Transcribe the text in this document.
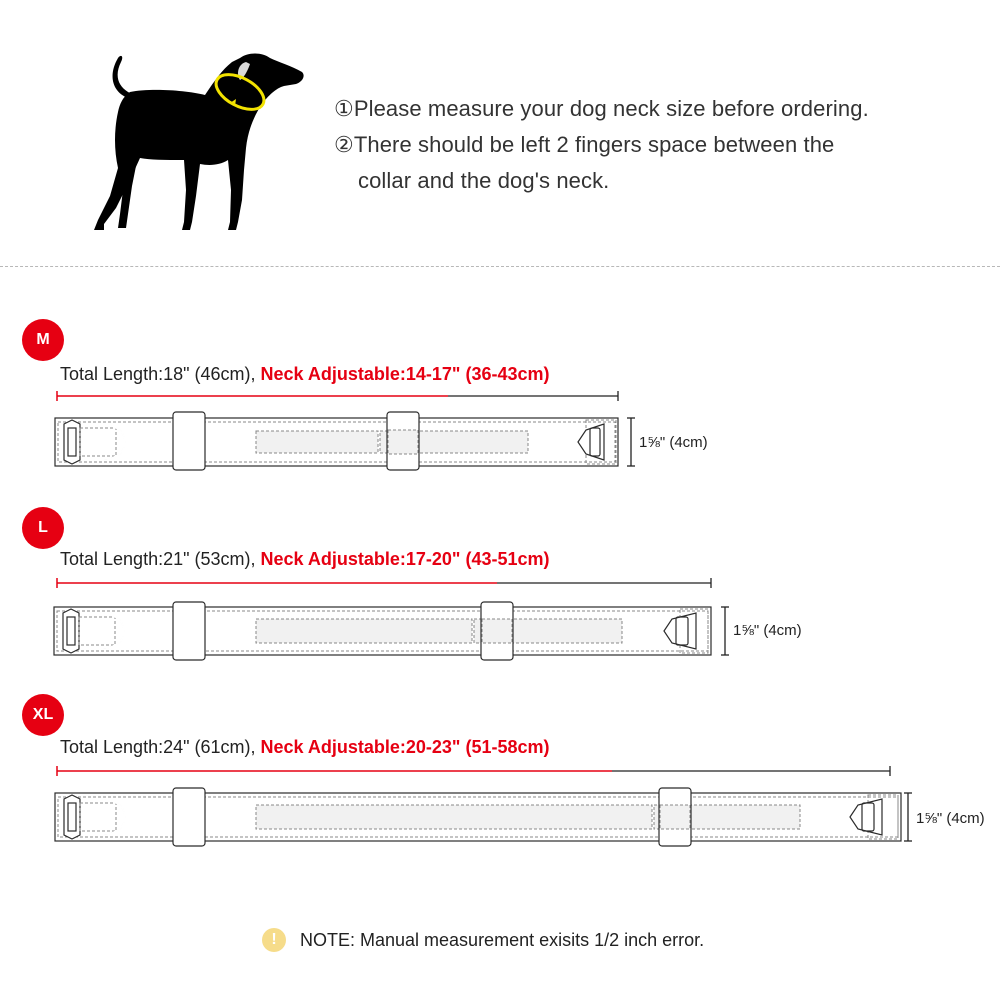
①Please measure your dog neck size before ordering.
②There should be left 2 fingers space between the
collar and the dog's neck.
M
Total Length:18" (46cm), Neck Adjustable:14-17" (36-43cm)
1⅝" (4cm)
L
Total Length:21" (53cm), Neck Adjustable:17-20" (43-51cm)
1⅝" (4cm)
XL
Total Length:24" (61cm), Neck Adjustable:20-23" (51-58cm)
1⅝" (4cm)
!	NOTE: Manual measurement exisits 1/2 inch error.
